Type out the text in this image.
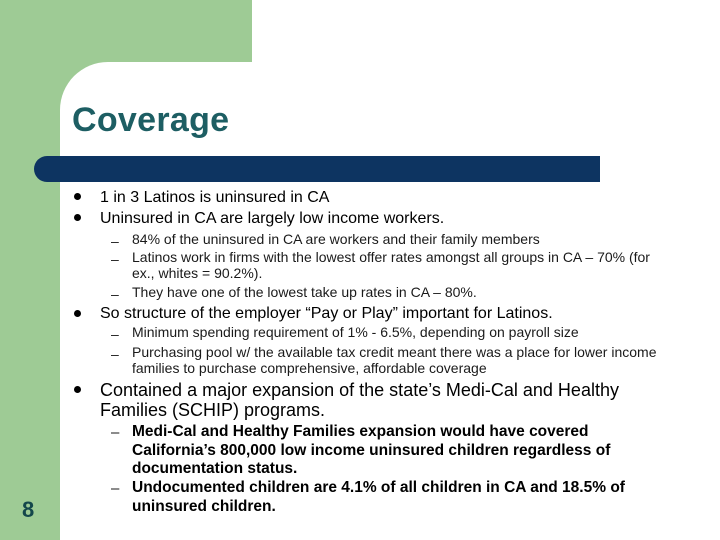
Coverage
1 in 3 Latinos is uninsured in CA
Uninsured in CA are largely low income workers.
– 84% of the uninsured in CA are workers and their family members
– Latinos work in firms with the lowest offer rates amongst all groups in CA – 70% (for ex., whites = 90.2%).
– They have one of the lowest take up rates in CA – 80%.
So structure of the employer “Pay or Play” important for Latinos.
– Minimum spending requirement of 1% - 6.5%, depending on payroll size
– Purchasing pool w/ the available tax credit meant there was a place for lower income families to purchase comprehensive, affordable coverage
Contained a major expansion of the state’s Medi-Cal and Healthy Families (SCHIP) programs.
– Medi-Cal and Healthy Families expansion would have covered California’s 800,000 low income uninsured children regardless of documentation status.
– Undocumented children are 4.1% of all children in CA and 18.5% of uninsured children.
8
